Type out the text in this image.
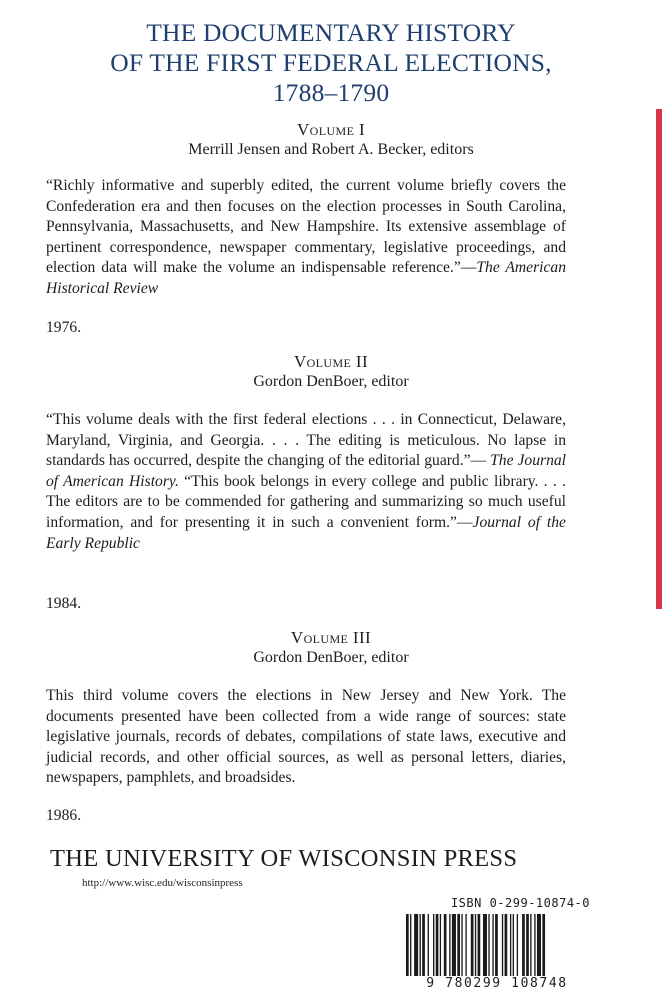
THE DOCUMENTARY HISTORY
OF THE FIRST FEDERAL ELECTIONS,
1788–1790
Volume I
Merrill Jensen and Robert A. Becker, editors
“Richly informative and superbly edited, the current volume briefly covers the Confederation era and then focuses on the election processes in South Carolina, Pennsylvania, Massachusetts, and New Hampshire. Its extensive assemblage of pertinent correspondence, newspaper commentary, legislative proceedings, and election data will make the volume an indispensable reference.”—The American Historical Review
1976.
Volume II
Gordon DenBoer, editor
“This volume deals with the first federal elections . . . in Connecticut, Delaware, Maryland, Virginia, and Georgia. . . . The editing is meticulous. No lapse in standards has occurred, despite the changing of the editorial guard.”— The Journal of American History. “This book belongs in every college and public library. . . . The editors are to be commended for gathering and summarizing so much useful information, and for presenting it in such a convenient form.”—Journal of the Early Republic
1984.
Volume III
Gordon DenBoer, editor
This third volume covers the elections in New Jersey and New York. The documents presented have been collected from a wide range of sources: state legislative journals, records of debates, compilations of state laws, executive and judicial records, and other official sources, as well as personal letters, diaries, newspapers, pamphlets, and broadsides.
1986.
THE UNIVERSITY OF WISCONSIN PRESS
http://www.wisc.edu/wisconsinpress
ISBN 0-299-10874-0
9 780299 108748
